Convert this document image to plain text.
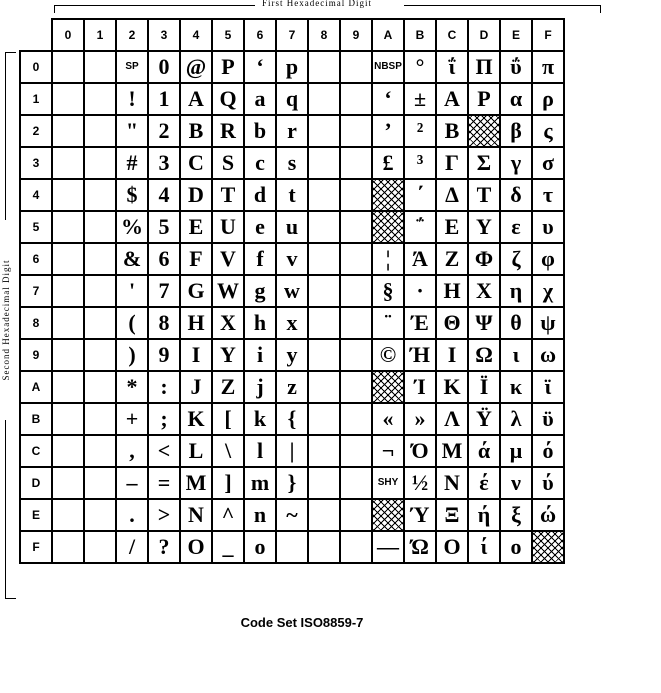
First Hexadecimal Digit
Second Hexadecimal Digit
	0	1	2	3	4	5	6	7	8	9	A	B	C	D	E	F
0			SP	0	@	P	‘	p			NBSP	°	ΐ	Π	ΰ	π
1			!	1	A	Q	a	q			‘	±	Α	Ρ	α	ρ
2			"	2	B	R	b	r			’	²	Β		β	ς
3			#	3	C	S	c	s			£	³	Γ	Σ	γ	σ
4			$	4	D	T	d	t				΄	Δ	Τ	δ	τ
5			%	5	E	U	e	u				΅	Ε	Υ	ε	υ
6			&	6	F	V	f	v			¦	Ά	Ζ	Φ	ζ	φ
7			'	7	G	W	g	w			§	·	Η	Χ	η	χ
8			(	8	H	X	h	x			¨	Έ	Θ	Ψ	θ	ψ
9			)	9	I	Y	i	y			©	Ή	Ι	Ω	ι	ω
A			*	:	J	Z	j	z				Ί	Κ	Ϊ	κ	ϊ
B			+	;	K	[	k	{			«	»	Λ	Ϋ	λ	ϋ
C			,	<	L	\	l	|			¬	Ό	Μ	ά	μ	ό
D			–	=	M	]	m	}			SHY	½	Ν	έ	ν	ύ
E			.	>	N	^	n	~				Ύ	Ξ	ή	ξ	ώ
F			/	?	O	_	o				―	Ώ	Ο	ί	ο	
Code Set ISO8859-7
